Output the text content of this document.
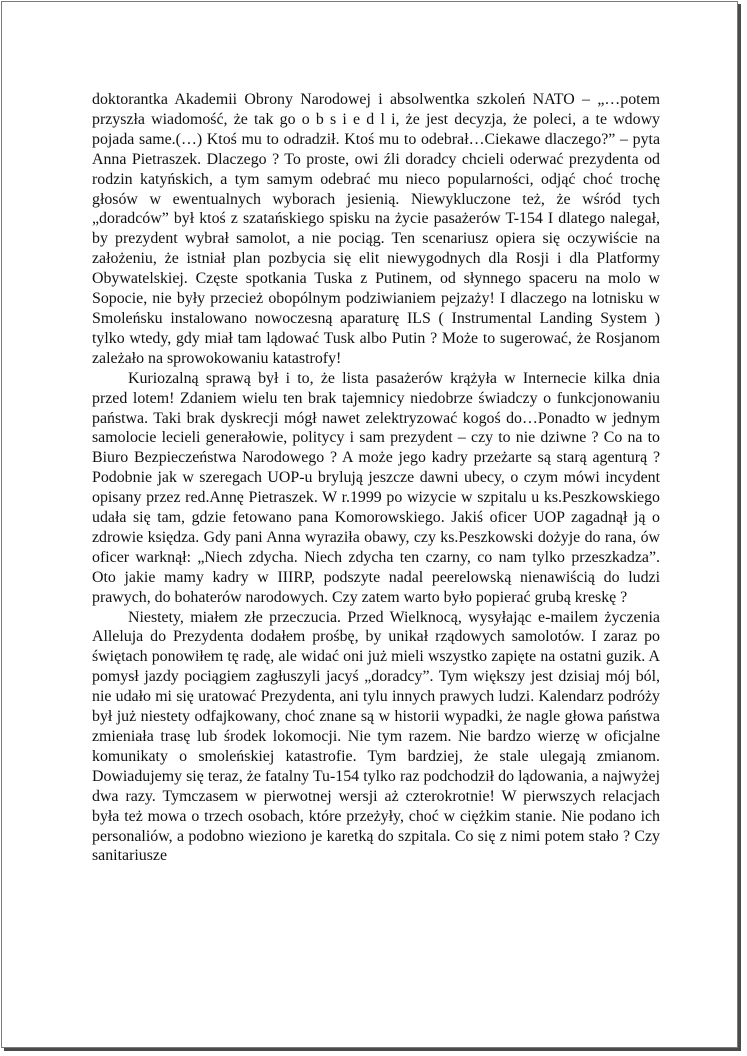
doktorantka Akademii Obrony Narodowej i absolwentka szkoleń NATO – „…potem przyszła wiadomość, że tak go o b s i e d l i, że jest decyzja, że poleci, a te wdowy pojada same.(…) Ktoś mu to odradził. Ktoś mu to odebrał…Ciekawe dlaczego?” – pyta Anna Pietraszek. Dlaczego ? To proste, owi źli doradcy chcieli oderwać prezydenta od rodzin katyńskich, a tym samym odebrać mu nieco popularności, odjąć choć trochę głosów w ewentualnych wyborach jesienią. Niewykluczone też, że wśród tych „doradców” był ktoś z szatańskiego spisku na życie pasażerów T-154 I dlatego nalegał, by prezydent wybrał samolot, a nie pociąg. Ten scenariusz opiera się oczywiście na założeniu, że istniał plan pozbycia się elit niewygodnych dla Rosji i dla Platformy Obywatelskiej. Częste spotkania Tuska z Putinem, od słynnego spaceru na molo w Sopocie, nie były przecież obopólnym podziwianiem pejzażу! I dlaczego na lotnisku w Smoleńsku instalowano nowoczesną aparaturę ILS ( Instrumental Landing System ) tylko wtedy, gdy miał tam lądować Tusk albo Putin ? Może to sugerować, że Rosjanom zależało na sprowokowaniu katastrofy!

Kuriozalną sprawą był i to, że lista pasażerów krążyła w Internecie kilka dnia przed lotem! Zdaniem wielu ten brak tajemnicy niedobrze świadczy o funkcjonowaniu państwa. Taki brak dyskrecji mógł nawet zelektryzować kogoś do…Ponadto w jednym samolocie lecieli generałowie, politycy i sam prezydent – czy to nie dziwne ? Co na to Biuro Bezpieczeństwa Narodowego ? A może jego kadry przeżarte są starą agenturą ? Podobnie jak w szeregach UOP-u brylują jeszcze dawni ubecy, o czym mówi incydent opisany przez red.Annę Pietraszek. W r.1999 po wizycie w szpitalu u ks.Peszkowskiego udała się tam, gdzie fetowano pana Komorowskiego. Jakiś oficer UOP zagadnął ją o zdrowie księdza. Gdy pani Anna wyraziła obawy, czy ks.Peszkowski dożyje do rana, ów oficer warknął: „Niech zdycha. Niech zdycha ten czarny, co nam tylko przeszkadza”. Oto jakie mamy kadry w IIIRP, podszyte nadal peerelowską nienawiścią do ludzi prawych, do bohaterów narodowych. Czy zatem warto było popierać grubą kreskę ?

Niestety, miałem złe przeczucia. Przed Wielknocą, wysyłając e-mailem życzenia Alleluja do Prezydenta dodałem prośbę, by unikał rządowych samolotów. I zaraz po świętach ponowiłem tę radę, ale widać oni już mieli wszystko zapięte na ostatni guzik. A pomysł jazdy pociągiem zagłuszyli jacyś „doradcy”. Tym większy jest dzisiaj mój ból, nie udało mi się uratować Prezydenta, ani tylu innych prawych ludzi. Kalendarz podróży był już niestety odfajkowany, choć znane są w historii wypadki, że nagle głowa państwa zmieniała trasę lub środek lokomocji. Nie tym razem. Nie bardzo wierzę w oficjalne komunikaty o smoleńskiej katastrofie. Tym bardziej, że stale ulegają zmianom. Dowiadujemy się teraz, że fatalny Tu-154 tylko raz podchodził do lądowania, a najwyżej dwa razy. Tymczasem w pierwotnej wersji aż czterokrotnie! W pierwszych relacjach była też mowa o trzech osobach, które przeżyły, choć w ciężkim stanie. Nie podano ich personaliów, a podobno wieziono je karetką do szpitala. Co się z nimi potem stało ? Czy sanitariusze
